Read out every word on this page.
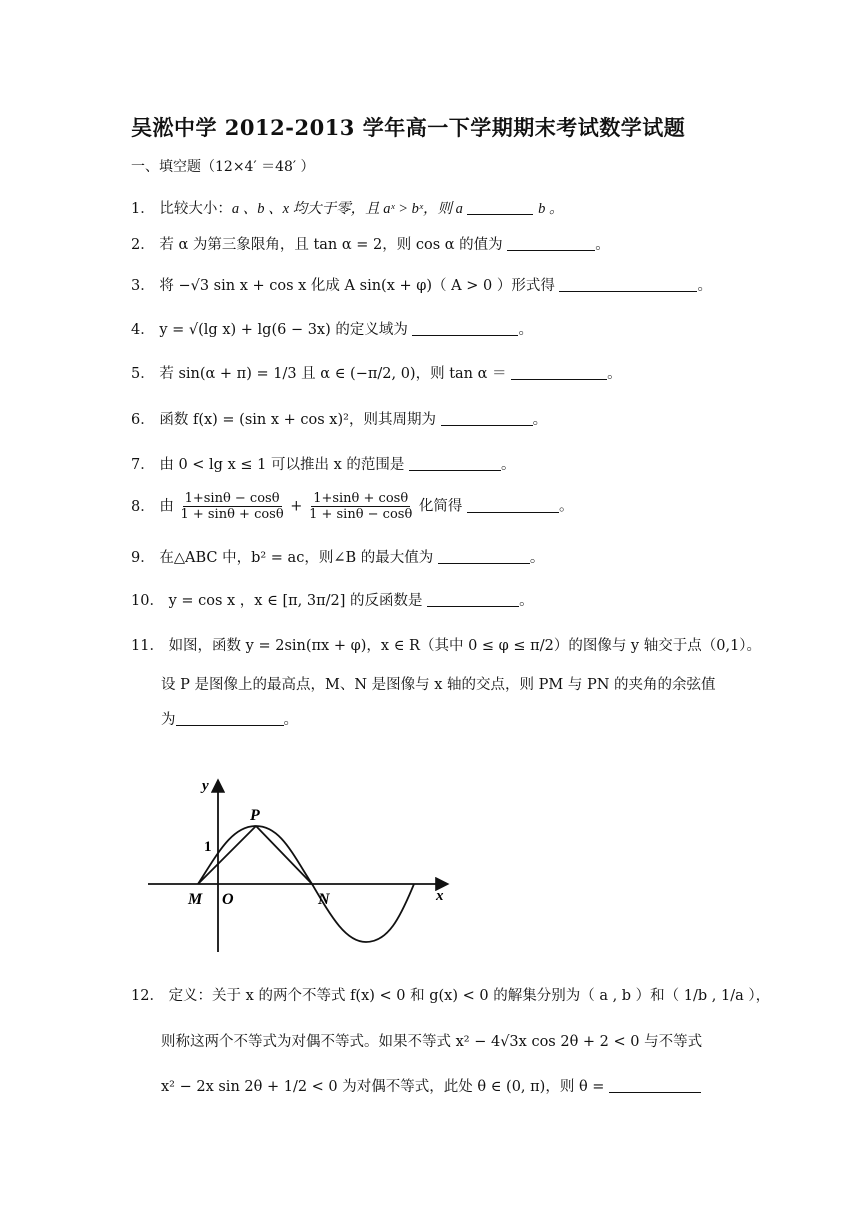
吴淞中学 2012-2013 学年高一下学期期末考试数学试题
一、填空题（12×4′ ＝48′ ）
1． 比较大小：a 、b 、x 均大于零，且 aˣ > bˣ，则 a	b 。
2． 若 α 为第三象限角，且 tan α = 2，则 cos α 的值为	。
3． 将 −√3 sin x + cos x 化成 A sin(x + φ)（ A > 0 ）形式得	。
4． y = √(lg x) + lg(6 − 3x) 的定义域为	。
5． 若 sin(α + π) = 1/3 且 α ∈ (−π/2, 0)，则 tan α ＝	。
6． 函数 f(x) = (sin x + cos x)²，则其周期为	。
7． 由 0 < lg x ≤ 1 可以推出 x 的范围是	。
8． 由 $\frac{1+\sin\theta - \cos\theta}{1 + \sin\theta + \cos\theta} + \frac{1+\sin\theta + \cos\theta}{1 + \sin\theta - \cos\theta}$ 化简得	。
9． 在△ABC 中，b² = ac，则∠B 的最大值为	。
10． y = cos x ，x ∈ [π, 3π/2] 的反函数是	。
11． 如图，函数 y = 2sin(πx + φ)，x ∈ R（其中 0 ≤ φ ≤ π/2）的图像与 y 轴交于点（0,1）。
设 P 是图像上的最高点，M、N 是图像与 x 轴的交点，则 PM 与 PN 的夹角的余弦值
为	。
y
x
P
M O	N
1
12． 定义：关于 x 的两个不等式 f(x) < 0 和 g(x) < 0 的解集分别为（ a , b ）和（ 1/b , 1/a ），
则称这两个不等式为对偶不等式。如果不等式 x² − 4√3x cos 2θ + 2 < 0 与不等式
x² − 2x sin 2θ + 1/2 < 0 为对偶不等式，此处 θ ∈ (0, π)，则 θ =
